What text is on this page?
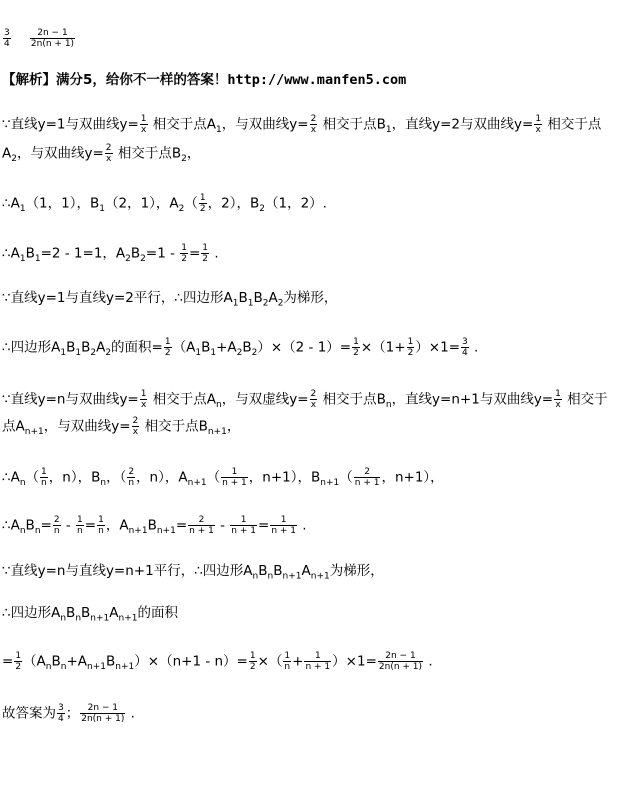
$\frac{3}{4}$
$\frac{2n - 1}{2n(n + 1)}$
【解析】满分5，给你不一样的答案！http://www.manfen5.com
∵直线y=1与双曲线$y= \frac{1}{x}$ 相交于点$A_1$，与双曲线$y= \frac{2}{x}$ 相交于点$B_1$，直线y=2与双曲线$y= \frac{1}{x}$ 相交于点
$A_2$，与双曲线$y= \frac{2}{x}$ 相交于点$B_2$，
$\therefore A_1(1$，1），$B_1(2$，1），$A_2( \frac{1}{2}$ ，2），$B_2(1$，2）.
$\therefore A_1B_1=2 - 1=1$，$A_2B_2=1 - \frac{1}{2} = \frac{1}{2}$ .
∵直线y=1与直线y=2平行，∴四边形$A_1B_1B_2A_2$为梯形，
∴四边形$A_1B_1B_2A_2$的面积= $\frac{1}{2} (A_1B_1+A_2B_2)\times(2 - 1)= \frac{1}{2} \times(1+ \frac{1}{2} )\times 1= \frac{3}{4}$ .
∵直线y=n与双曲线$y= \frac{1}{x}$ 相交于点$A_n$，与双虚线$y= \frac{2}{x}$ 相交于点$B_n$，直线y=n+1与双曲线$y= \frac{1}{x}$ 相交于
点$A_{n+1}$，与双曲线$y= \frac{2}{x}$ 相交于点$B_{n+1}$，
$\therefore A_n( \frac{1}{n}$ ，n），$B_n$，（ $\frac{2}{n}$ ，n），$A_{n+1}( \frac{1}{n + 1}$ ，n+1），$B_{n+1}( \frac{2}{n + 1}$ ，n+1），
$\therefore A_nB_n= \frac{2}{n} - \frac{1}{n} = \frac{1}{n}$ ，$A_{n+1}B_{n+1}= \frac{2}{n + 1} - \frac{1}{n + 1} = \frac{1}{n + 1}$ .
∵直线y=n与直线y=n+1平行，∴四边形$A_nB_nB_{n+1}A_{n+1}$为梯形，
∴四边形$A_nB_nB_{n+1}A_{n+1}$的面积
= $\frac{1}{2} (A_nB_n+A_{n+1}B_{n+1})\times(n+1 - n)= \frac{1}{2}$ ×（ $\frac{1}{n} + \frac{1}{n + 1} )\times 1= \frac{2n - 1}{2n(n + 1)}$ .
故答案为 $\frac{3}{4}$ ； $\frac{2n - 1}{2n(n + 1)}$ .
